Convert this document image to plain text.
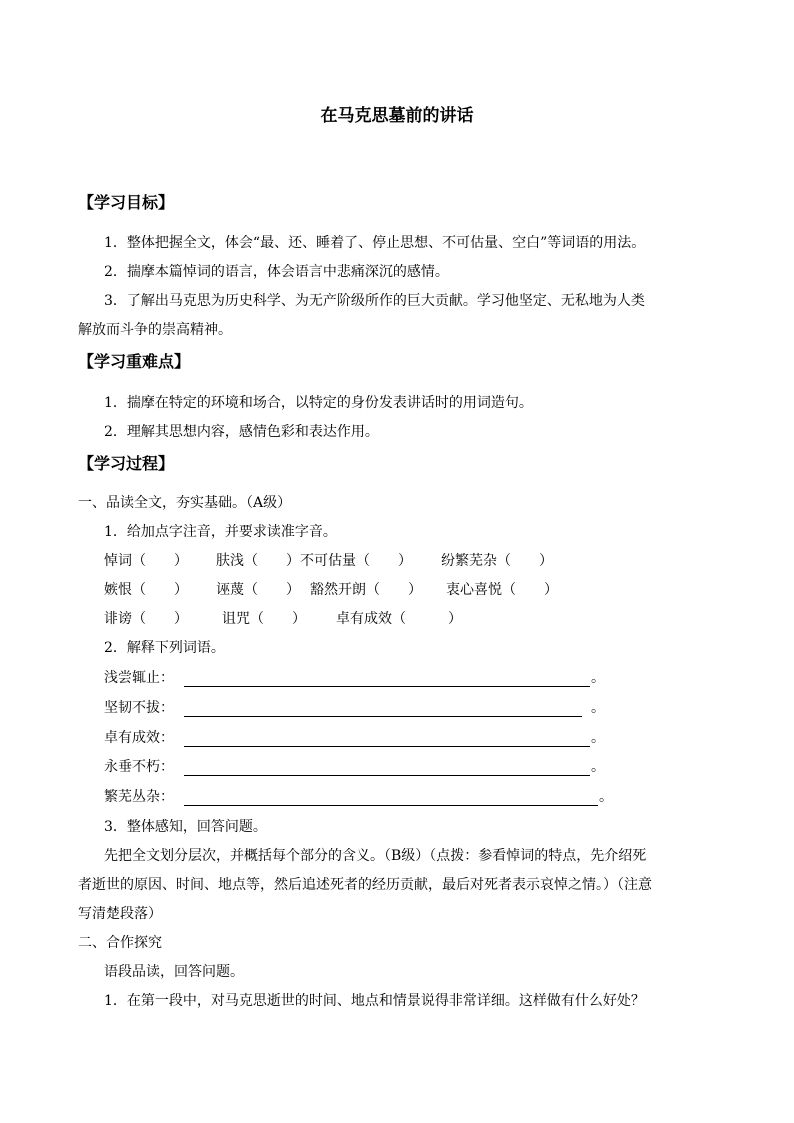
在马克思墓前的讲话
【学习目标】
1．整体把握全文，体会“最、还、睡着了、停止思想、不可估量、空白”等词语的用法。
2．揣摩本篇悼词的语言，体会语言中悲痛深沉的感情。
3．了解出马克思为历史科学、为无产阶级所作的巨大贡献。学习他坚定、无私地为人类
解放而斗争的崇高精神。
【学习重难点】
1．揣摩在特定的环境和场合，以特定的身份发表讲话时的用词造句。
2．理解其思想内容，感情色彩和表达作用。
【学习过程】
一、品读全文，夯实基础。（A级）
1．给加点字注音，并要求读准字音。
悼词（　　） 肤浅（　　）不可估量（　　） 纷繁芜杂（　　）
嫉恨（　　） 诬蔑（　　） 豁然开朗（　　） 衷心喜悦（　　）
诽谤（　　） 诅咒（　　） 卓有成效（　　　）
2．解释下列词语。
浅尝辄止：	。
坚韧不拔：	。
卓有成效：	。
永垂不朽：	。
繁芜丛杂：	。
3．整体感知，回答问题。
先把全文划分层次，并概括每个部分的含义。（B级）（点拨：参看悼词的特点，先介绍死
者逝世的原因、时间、地点等，然后追述死者的经历贡献，最后对死者表示哀悼之情。）（注意
写清楚段落）
二、合作探究
语段品读，回答问题。
1．在第一段中，对马克思逝世的时间、地点和情景说得非常详细。这样做有什么好处？
